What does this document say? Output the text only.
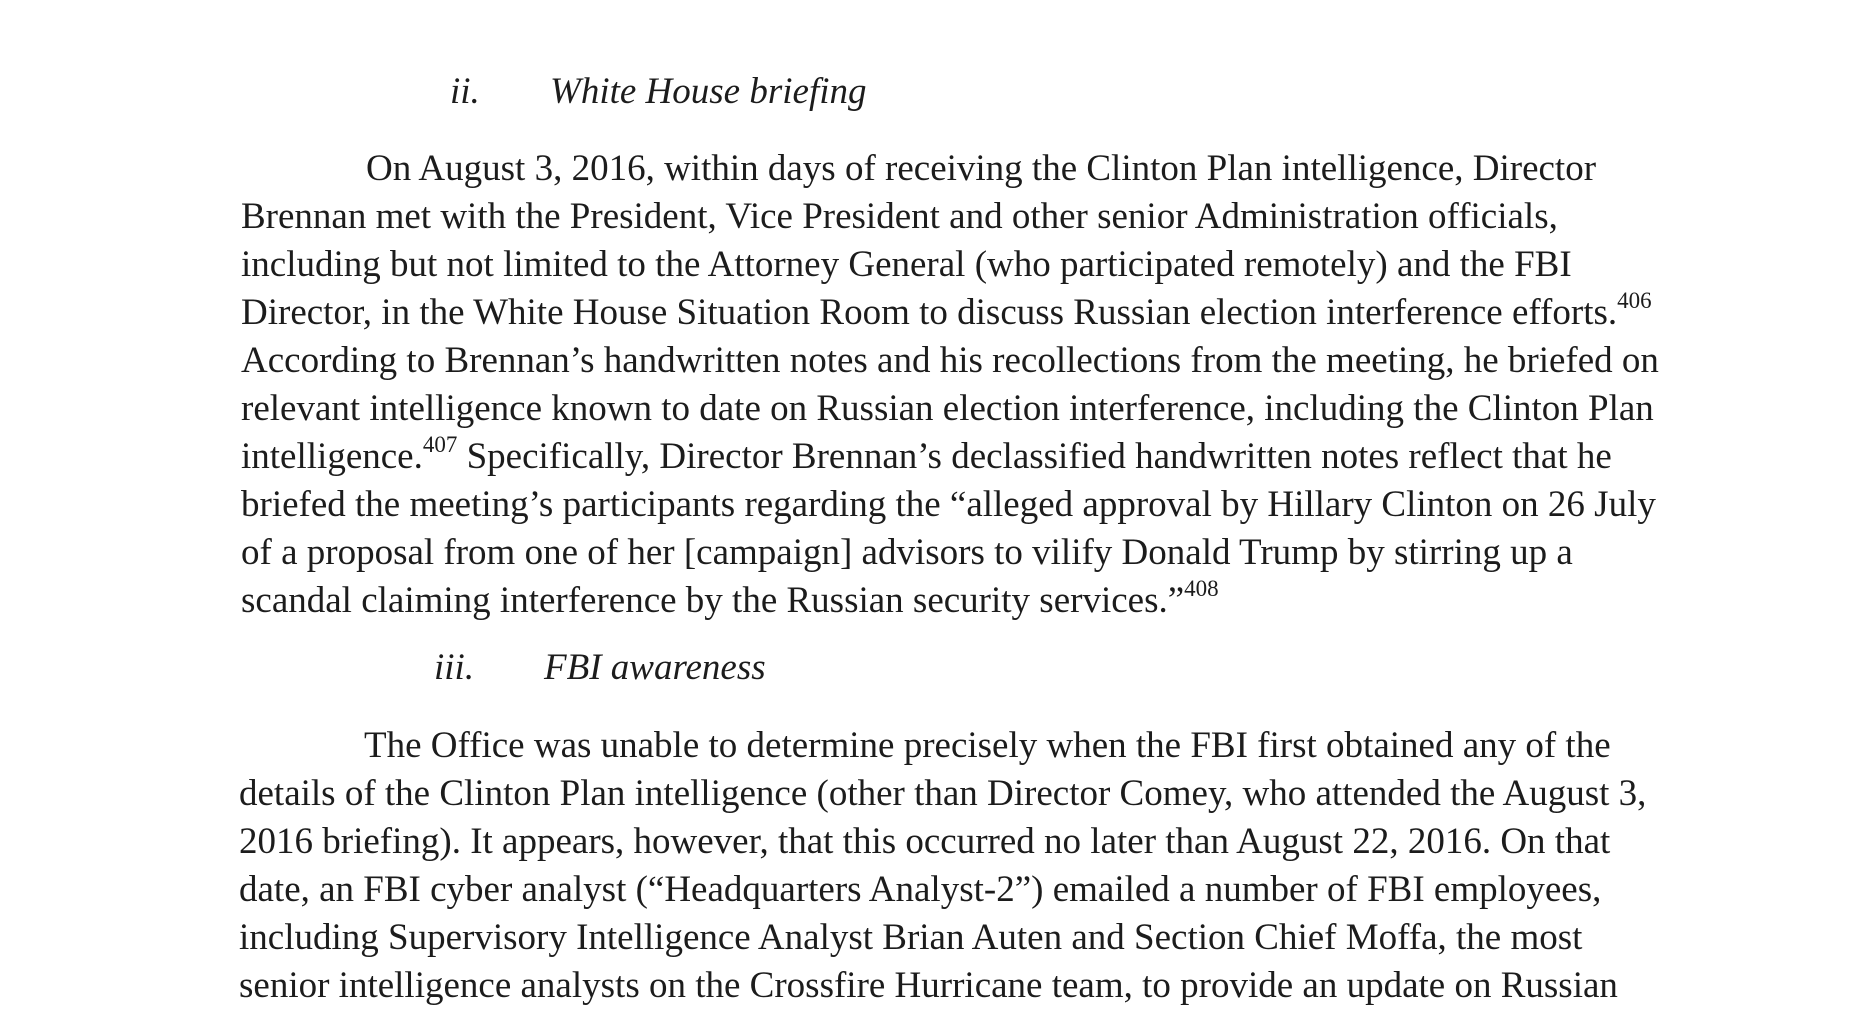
ii. White House briefing
On August 3, 2016, within days of receiving the Clinton Plan intelligence, Director
Brennan met with the President, Vice President and other senior Administration officials,
including but not limited to the Attorney General (who participated remotely) and the FBI
Director, in the White House Situation Room to discuss Russian election interference efforts.$^{406}$
According to Brennan’s handwritten notes and his recollections from the meeting, he briefed on
relevant intelligence known to date on Russian election interference, including the Clinton Plan
intelligence.$^{407}$ Specifically, Director Brennan’s declassified handwritten notes reflect that he
briefed the meeting’s participants regarding the “alleged approval by Hillary Clinton on 26 July
of a proposal from one of her [campaign] advisors to vilify Donald Trump by stirring up a
scandal claiming interference by the Russian security services.”$^{408}$
iii. FBI awareness
The Office was unable to determine precisely when the FBI first obtained any of the
details of the Clinton Plan intelligence (other than Director Comey, who attended the August 3,
2016 briefing). It appears, however, that this occurred no later than August 22, 2016. On that
date, an FBI cyber analyst (“Headquarters Analyst-2”) emailed a number of FBI employees,
including Supervisory Intelligence Analyst Brian Auten and Section Chief Moffa, the most
senior intelligence analysts on the Crossfire Hurricane team, to provide an update on Russian
